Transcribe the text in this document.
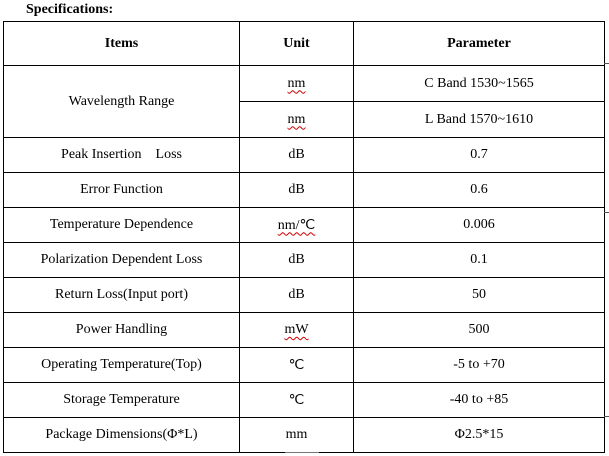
Specifications:
Items	Unit	Parameter
Wavelength Range	nm	C Band 1530~1565
	nm	L Band 1570~1610
Peak Insertion    Loss	dB	0.7
Error Function	dB	0.6
Temperature Dependence	nm/℃	0.006
Polarization Dependent Loss	dB	0.1
Return Loss(Input port)	dB	50
Power Handling	mW	500
Operating Temperature(Top)	℃	-5 to +70
Storage Temperature	℃	-40 to +85
Package Dimensions(Φ*L)	mm	Φ2.5*15
